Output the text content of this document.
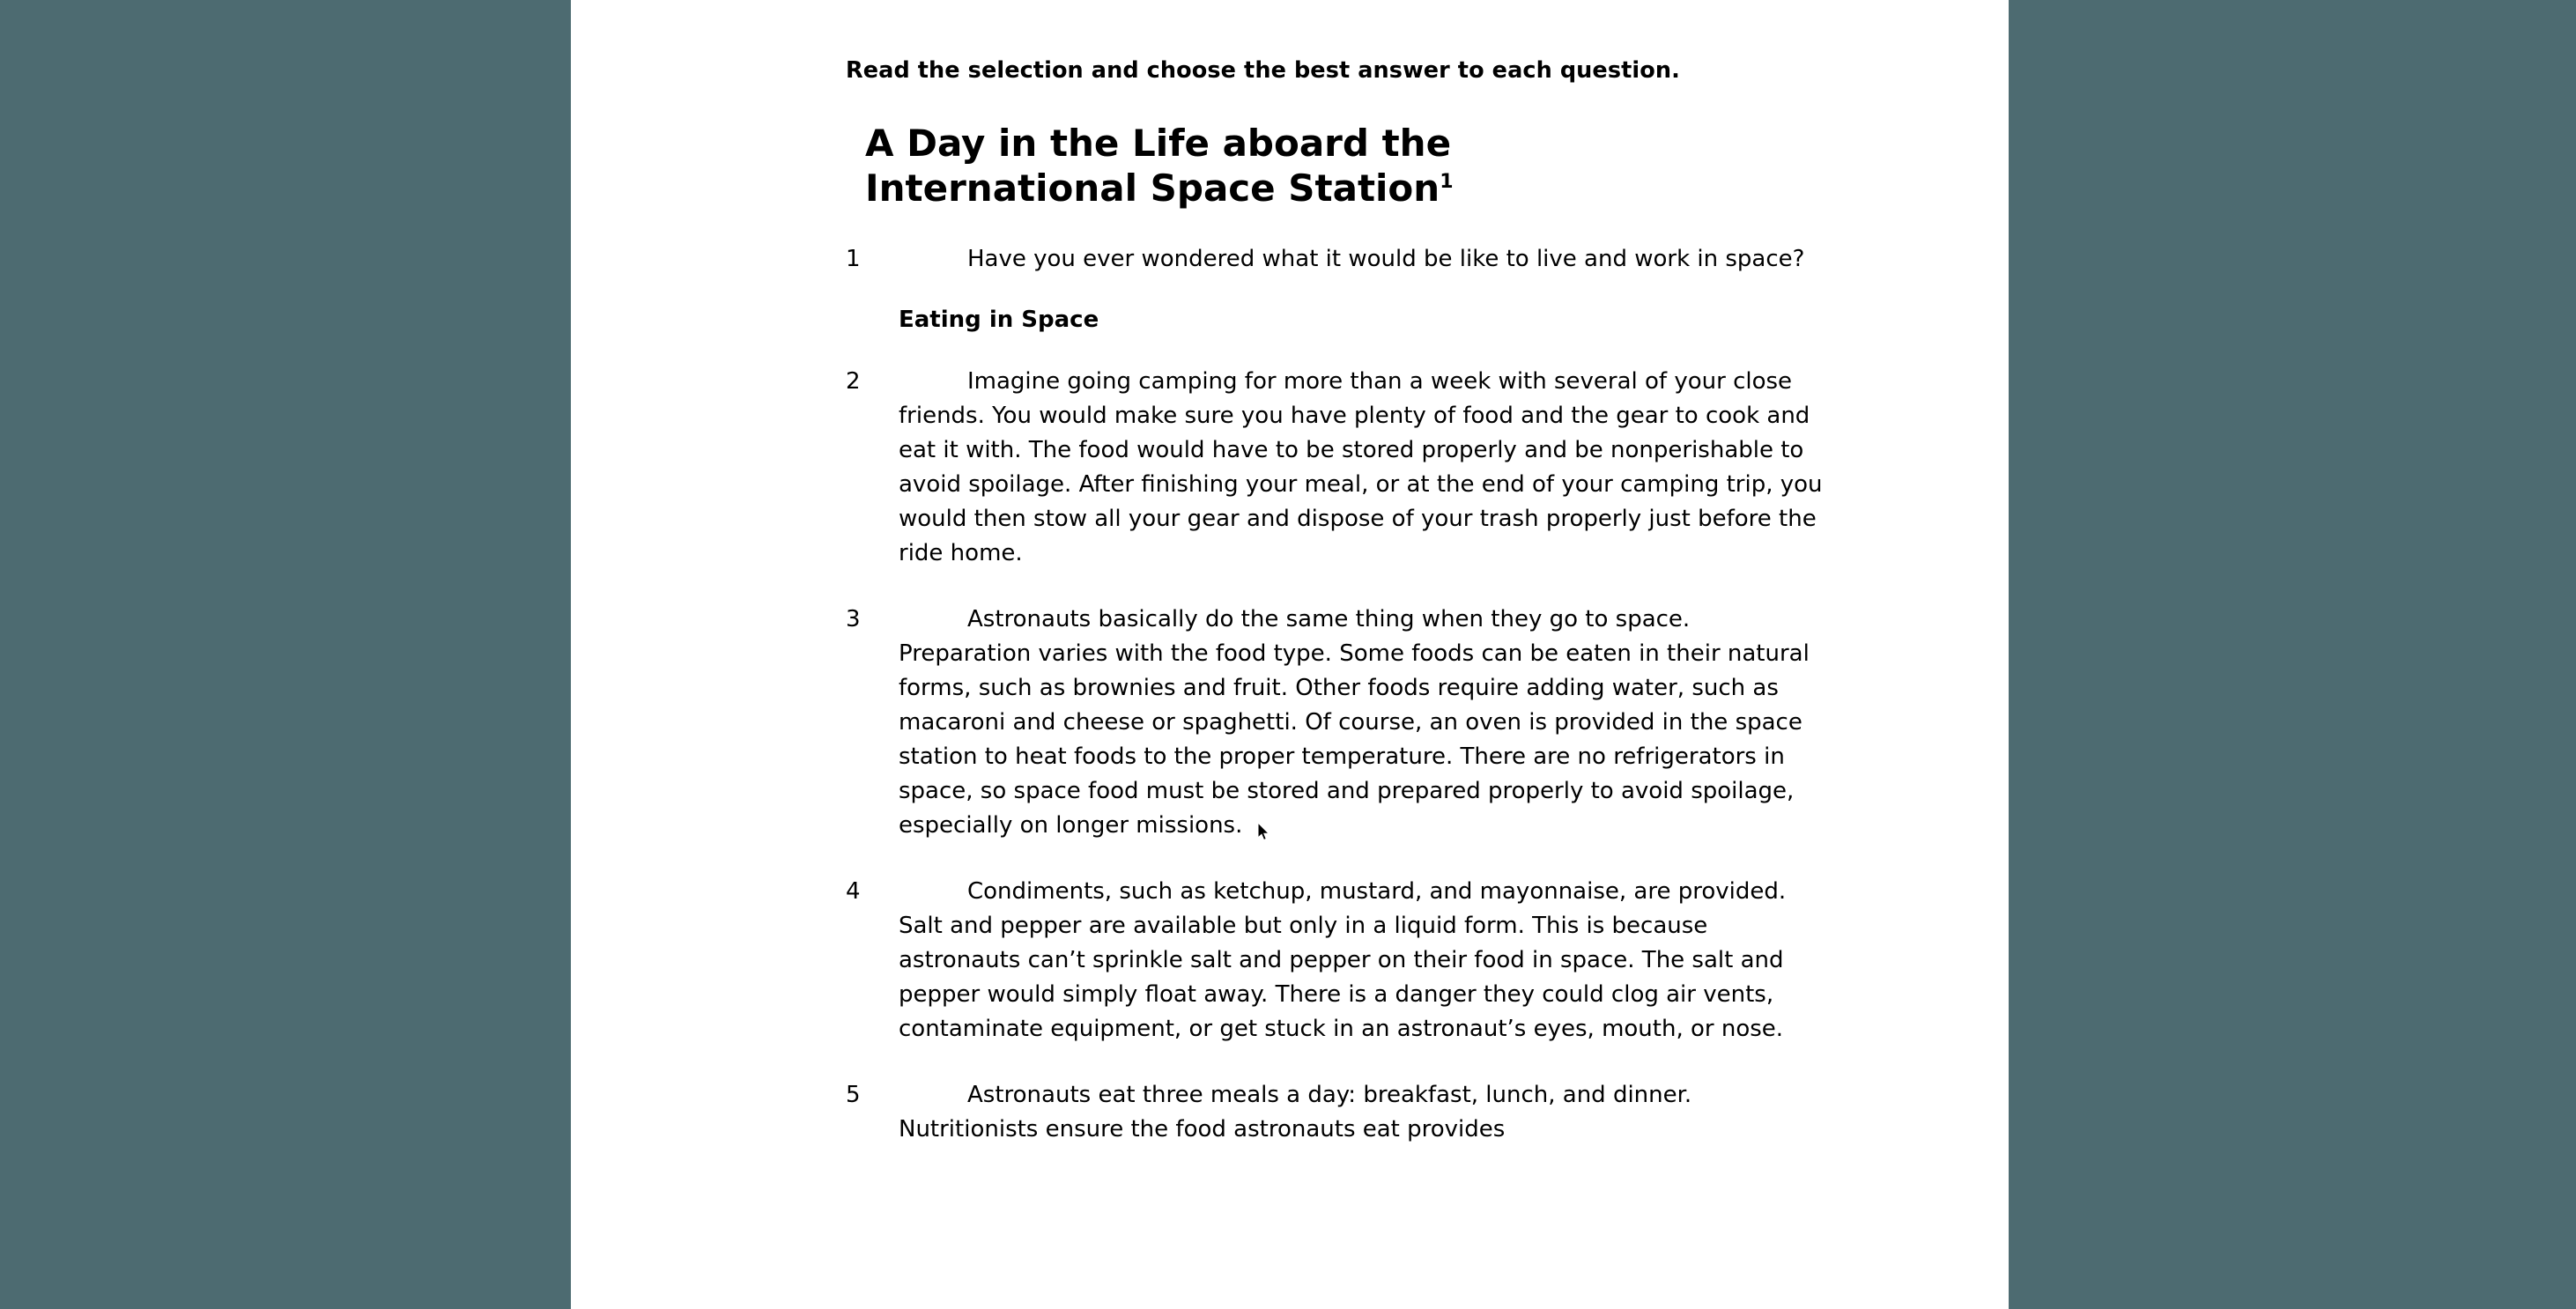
Read the selection and choose the best answer to each question.
A Day in the Life aboard the International Space Station$^1$
1	Have you ever wondered what it would be like to live and work in space?
Eating in Space
2	Imagine going camping for more than a week with several of your close friends. You would make sure you have plenty of food and the gear to cook and eat it with. The food would have to be stored properly and be nonperishable to avoid spoilage. After finishing your meal, or at the end of your camping trip, you would then stow all your gear and dispose of your trash properly just before the ride home.
3	Astronauts basically do the same thing when they go to space. Preparation varies with the food type. Some foods can be eaten in their natural forms, such as brownies and fruit. Other foods require adding water, such as macaroni and cheese or spaghetti. Of course, an oven is provided in the space station to heat foods to the proper temperature. There are no refrigerators in space, so space food must be stored and prepared properly to avoid spoilage, especially on longer missions.
4	Condiments, such as ketchup, mustard, and mayonnaise, are provided. Salt and pepper are available but only in a liquid form. This is because astronauts can’t sprinkle salt and pepper on their food in space. The salt and pepper would simply float away. There is a danger they could clog air vents, contaminate equipment, or get stuck in an astronaut’s eyes, mouth, or nose.
5	Astronauts eat three meals a day: breakfast, lunch, and dinner. Nutritionists ensure the food astronauts eat provides
